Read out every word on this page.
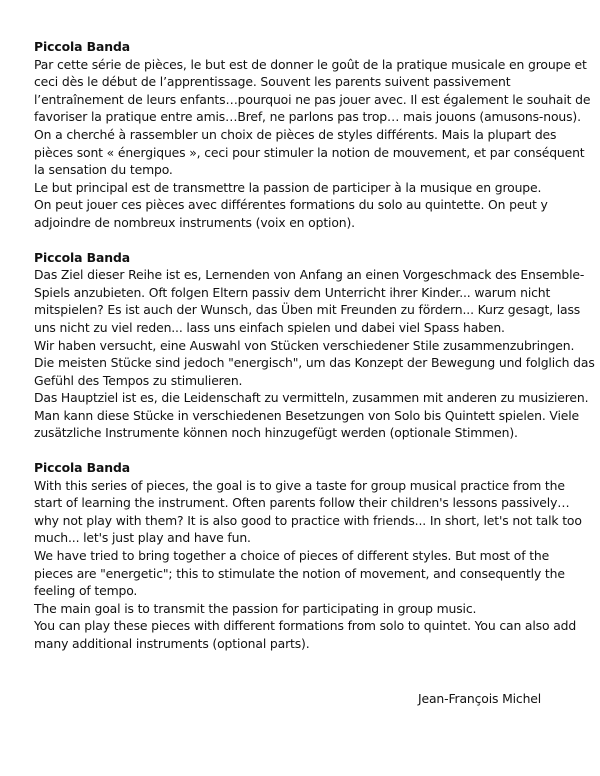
Piccola Banda

Par cette série de pièces, le but est de donner le goût de la pratique musicale en groupe et
ceci dès le début de l’apprentissage. Souvent les parents suivent passivement
l’entraînement de leurs enfants…pourquoi ne pas jouer avec. Il est également le souhait de
favoriser la pratique entre amis…Bref, ne parlons pas trop… mais jouons (amusons-nous).
On a cherché à rassembler un choix de pièces de styles différents. Mais la plupart des
pièces sont « énergiques », ceci pour stimuler la notion de mouvement, et par conséquent
la sensation du tempo.
Le but principal est de transmettre la passion de participer à la musique en groupe.
On peut jouer ces pièces avec différentes formations du solo au quintette. On peut y
adjoindre de nombreux instruments (voix en option).

Piccola Banda

Das Ziel dieser Reihe ist es, Lernenden von Anfang an einen Vorgeschmack des Ensemble-
Spiels anzubieten. Oft folgen Eltern passiv dem Unterricht ihrer Kinder... warum nicht
mitspielen? Es ist auch der Wunsch, das Üben mit Freunden zu fördern... Kurz gesagt, lass
uns nicht zu viel reden... lass uns einfach spielen und dabei viel Spass haben.
Wir haben versucht, eine Auswahl von Stücken verschiedener Stile zusammenzubringen.
Die meisten Stücke sind jedoch "energisch", um das Konzept der Bewegung und folglich das
Gefühl des Tempos zu stimulieren.
Das Hauptziel ist es, die Leidenschaft zu vermitteln, zusammen mit anderen zu musizieren.
Man kann diese Stücke in verschiedenen Besetzungen von Solo bis Quintett spielen. Viele
zusätzliche Instrumente können noch hinzugefügt werden (optionale Stimmen).

Piccola Banda

With this series of pieces, the goal is to give a taste for group musical practice from the
start of learning the instrument. Often parents follow their children's lessons passively…
why not play with them? It is also good to practice with friends... In short, let's not talk too
much... let's just play and have fun.
We have tried to bring together a choice of pieces of different styles. But most of the
pieces are "energetic"; this to stimulate the notion of movement, and consequently the
feeling of tempo.
The main goal is to transmit the passion for participating in group music.
You can play these pieces with different formations from solo to quintet. You can also add
many additional instruments (optional parts).
Jean-François Michel
